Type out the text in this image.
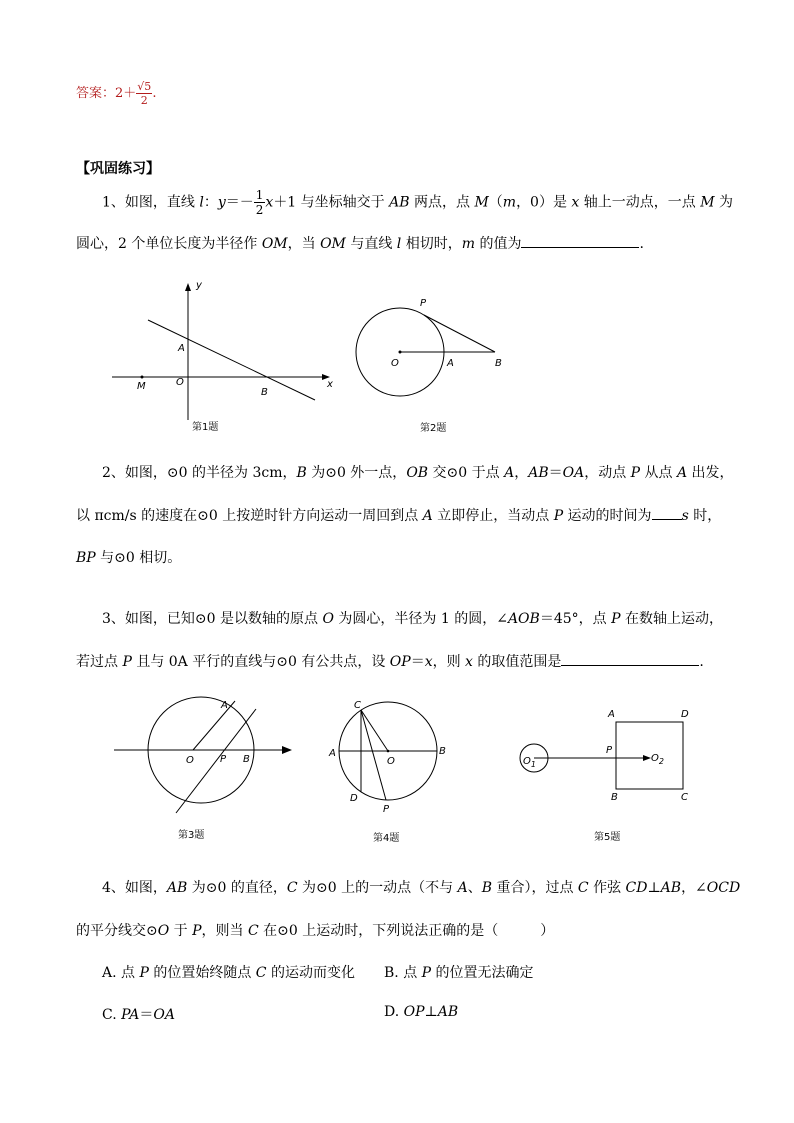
答案：$2+ \frac{√5}{2}$ .
【巩固练习】
1、如图，直线 l：$y=- \frac{1}{2} x+1$ 与坐标轴交于 AB 两点，点 M（m，0）是 x 轴上一动点，一点 M 为
圆心，2 个单位长度为半径作 OM，当 OM 与直线 l 相切时，m 的值为	.
y
x
A
O
M
B
第1题
P
O	A	B
第2题
2、如图，⊙0 的半径为 3cm，B 为⊙0 外一点，OB 交⊙0 于点 A，AB＝OA，动点 P 从点 A 出发，
以 πcm/s 的速度在⊙0 上按逆时针方向运动一周回到点 A 立即停止，当动点 P 运动的时间为 s 时，
BP 与⊙0 相切。
3、如图，已知⊙0 是以数轴的原点 O 为圆心，半径为 1 的圆，∠AOB＝45°，点 P 在数轴上运动，
若过点 P 且与 0A 平行的直线与⊙0 有公共点，设 OP＝x，则 x 的取值范围是	.
A
O	P B
第3题
C
A
O
B
D
P
第4题
A	D
$O_1$
P
$O_2$
B	C
第5题
4、如图，AB 为⊙0 的直径，C 为⊙0 上的一动点（不与 A、B 重合），过点 C 作弦 CD⊥AB，∠OCD
的平分线交⊙O 于 P，则当 C 在⊙0 上运动时，下列说法正确的是（　　　）
A. 点 P 的位置始终随点 C 的运动而变化 B. 点 P 的位置无法确定
C. PA＝OA	D. OP⊥AB
